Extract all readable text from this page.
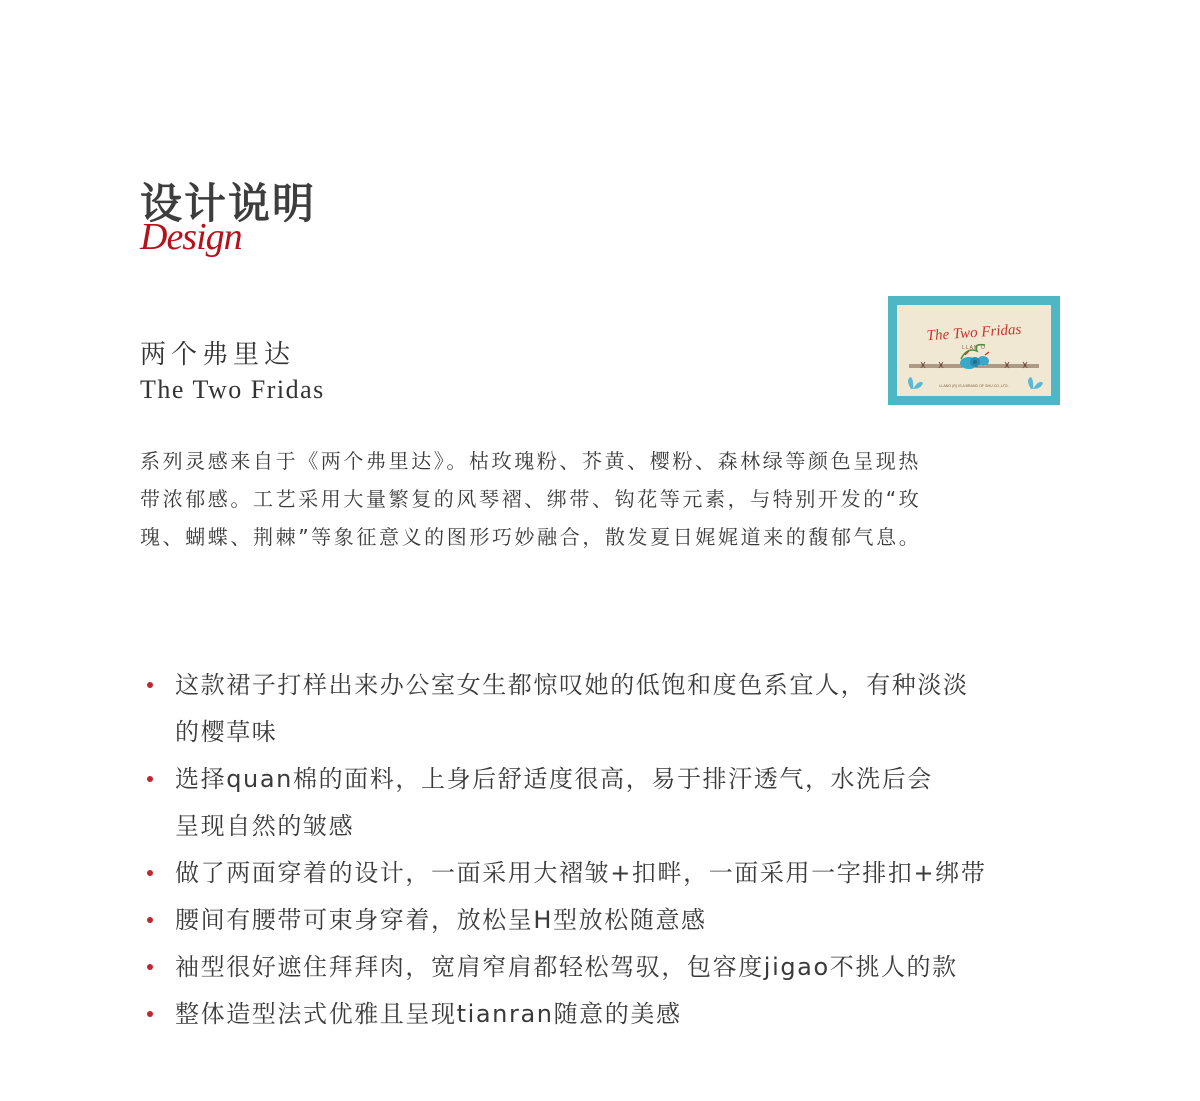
设计说明
Design
两个弗里达
The Two Fridas
The Two Fridas
LLAN O
LLANO (R) IS A BRAND OF SHU CO.,LTD.
系列灵感来自于《两个弗里达》。枯玫瑰粉、芥黄、樱粉、森林绿等颜色呈现热
带浓郁感。工艺采用大量繁复的风琴褶、绑带、钩花等元素，与特别开发的“玫
瑰、蝴蝶、荆棘”等象征意义的图形巧妙融合，散发夏日娓娓道来的馥郁气息。
这款裙子打样出来办公室女生都惊叹她的低饱和度色系宜人，有种淡淡
的樱草味
选择quan棉的面料，上身后舒适度很高，易于排汗透气，水洗后会
呈现自然的皱感
做了两面穿着的设计，一面采用大褶皱+扣畔，一面采用一字排扣+绑带
腰间有腰带可束身穿着，放松呈H型放松随意感
袖型很好遮住拜拜肉，宽肩窄肩都轻松驾驭，包容度jigao不挑人的款
整体造型法式优雅且呈现tianran随意的美感
